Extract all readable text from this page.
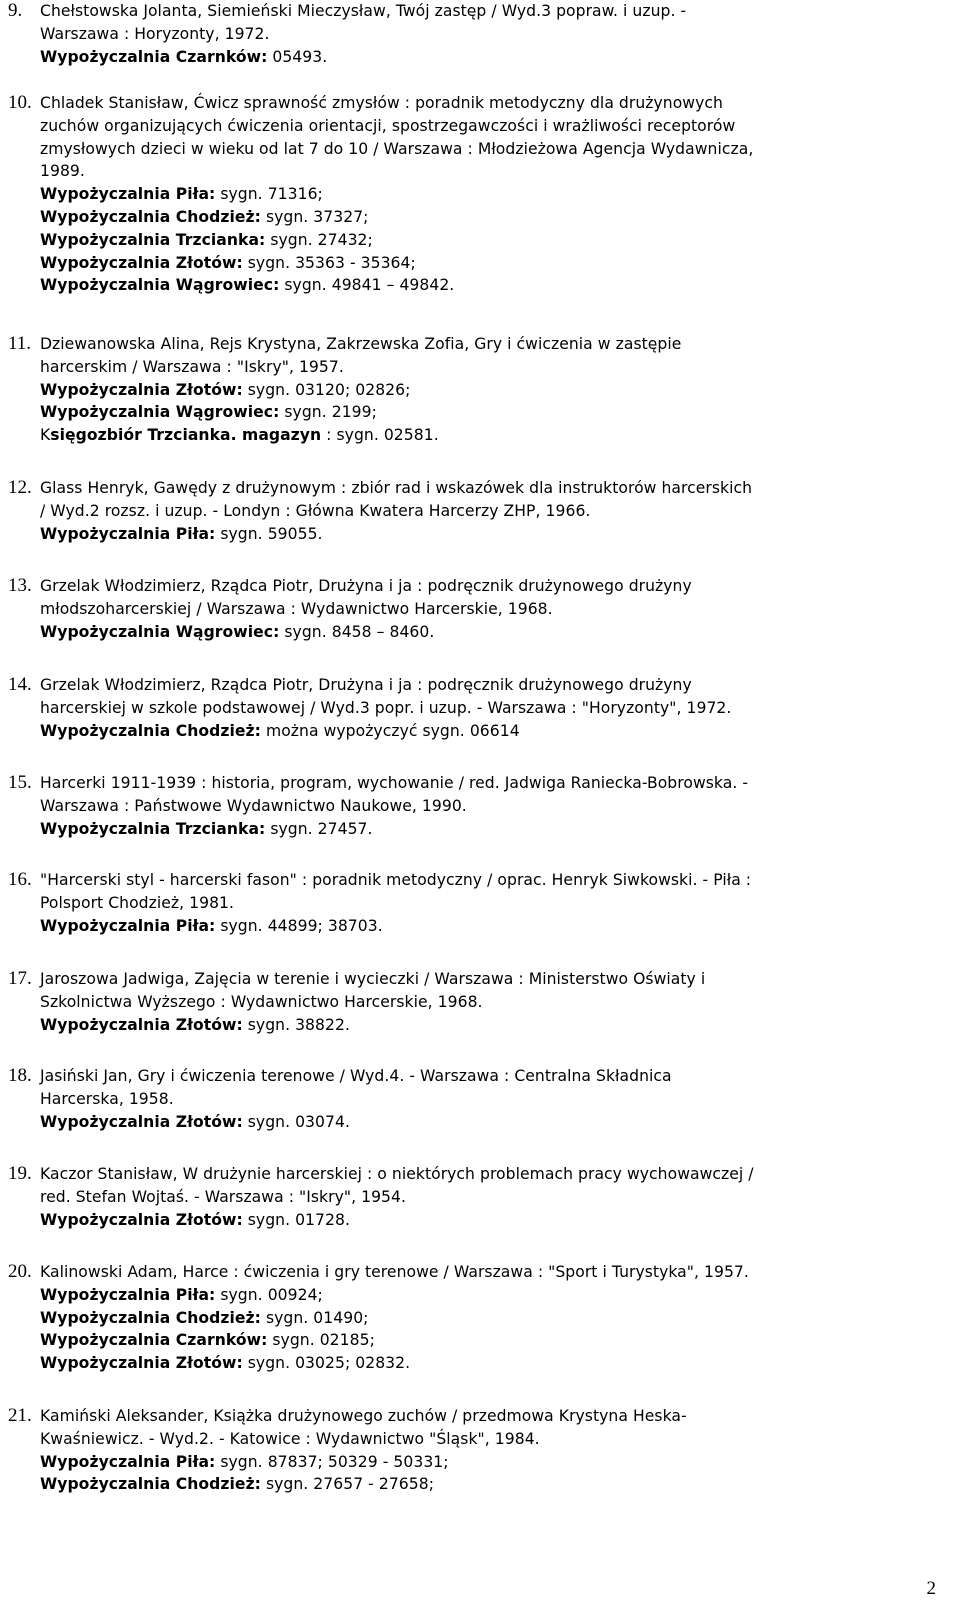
9. Chełstowska Jolanta, Siemieński Mieczysław, Twój zastęp / Wyd.3 popraw. i uzup. -
Warszawa : Horyzonty, 1972.
Wypożyczalnia Czarnków: 05493.
10. Chladek Stanisław, Ćwicz sprawność zmysłów : poradnik metodyczny dla drużynowych
zuchów organizujących ćwiczenia orientacji, spostrzegawczości i wrażliwości receptorów
zmysłowych dzieci w wieku od lat 7 do 10 / Warszawa : Młodzieżowa Agencja Wydawnicza,
1989.
Wypożyczalnia Piła: sygn. 71316;
Wypożyczalnia Chodzież: sygn. 37327;
Wypożyczalnia Trzcianka: sygn. 27432;
Wypożyczalnia Złotów: sygn. 35363 - 35364;
Wypożyczalnia Wągrowiec: sygn. 49841 – 49842.
11. Dziewanowska Alina, Rejs Krystyna, Zakrzewska Zofia, Gry i ćwiczenia w zastępie
harcerskim / Warszawa : "Iskry", 1957.
Wypożyczalnia Złotów: sygn. 03120; 02826;
Wypożyczalnia Wągrowiec: sygn. 2199;
Księgozbiór Trzcianka. magazyn : sygn. 02581.
12. Glass Henryk, Gawędy z drużynowym : zbiór rad i wskazówek dla instruktorów harcerskich
/ Wyd.2 rozsz. i uzup. - Londyn : Główna Kwatera Harcerzy ZHP, 1966.
Wypożyczalnia Piła: sygn. 59055.
13. Grzelak Włodzimierz, Rządca Piotr, Drużyna i ja : podręcznik drużynowego drużyny
młodszoharcerskiej / Warszawa : Wydawnictwo Harcerskie, 1968.
Wypożyczalnia Wągrowiec: sygn. 8458 – 8460.
14. Grzelak Włodzimierz, Rządca Piotr, Drużyna i ja : podręcznik drużynowego drużyny
harcerskiej w szkole podstawowej / Wyd.3 popr. i uzup. - Warszawa : "Horyzonty", 1972.
Wypożyczalnia Chodzież: można wypożyczyć sygn. 06614
15. Harcerki 1911-1939 : historia, program, wychowanie / red. Jadwiga Raniecka-Bobrowska. -
Warszawa : Państwowe Wydawnictwo Naukowe, 1990.
Wypożyczalnia Trzcianka: sygn. 27457.
16. "Harcerski styl - harcerski fason" : poradnik metodyczny / oprac. Henryk Siwkowski. - Piła :
Polsport Chodzież, 1981.
Wypożyczalnia Piła: sygn. 44899; 38703.
17. Jaroszowa Jadwiga, Zajęcia w terenie i wycieczki / Warszawa : Ministerstwo Oświaty i
Szkolnictwa Wyższego : Wydawnictwo Harcerskie, 1968.
Wypożyczalnia Złotów: sygn. 38822.
18. Jasiński Jan, Gry i ćwiczenia terenowe / Wyd.4. - Warszawa : Centralna Składnica
Harcerska, 1958.
Wypożyczalnia Złotów: sygn. 03074.
19. Kaczor Stanisław, W drużynie harcerskiej : o niektórych problemach pracy wychowawczej /
red. Stefan Wojtaś. - Warszawa : "Iskry", 1954.
Wypożyczalnia Złotów: sygn. 01728.
20. Kalinowski Adam, Harce : ćwiczenia i gry terenowe / Warszawa : "Sport i Turystyka", 1957.
Wypożyczalnia Piła: sygn. 00924;
Wypożyczalnia Chodzież: sygn. 01490;
Wypożyczalnia Czarnków: sygn. 02185;
Wypożyczalnia Złotów: sygn. 03025; 02832.
21. Kamiński Aleksander, Książka drużynowego zuchów / przedmowa Krystyna Heska-
Kwaśniewicz. - Wyd.2. - Katowice : Wydawnictwo "Śląsk", 1984.
Wypożyczalnia Piła: sygn. 87837; 50329 - 50331;
Wypożyczalnia Chodzież: sygn. 27657 - 27658;
2
